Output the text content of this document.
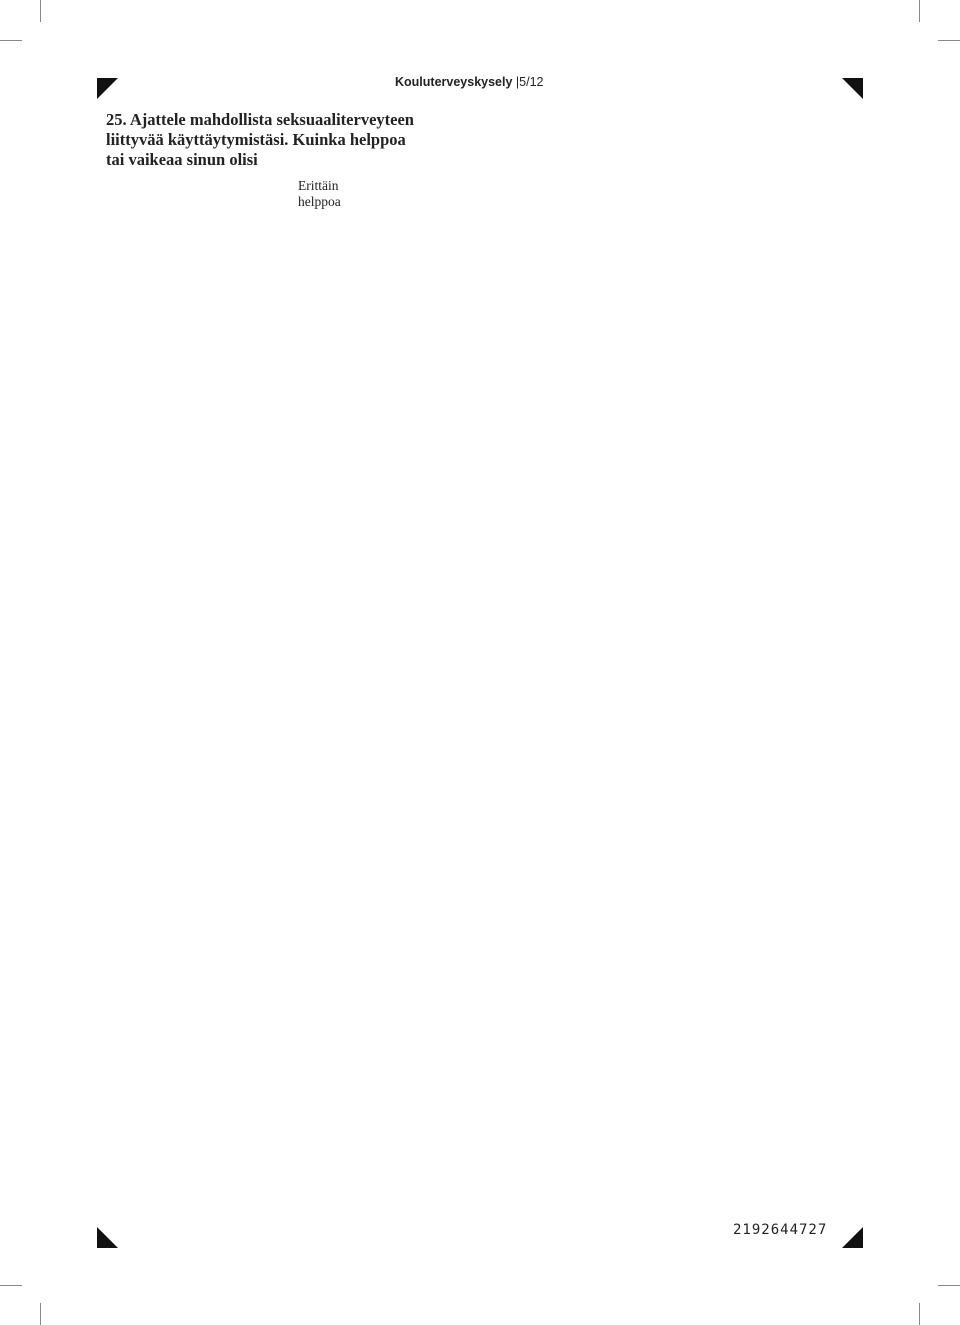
Kouluterveyskysely |5/12
2192644727
25. Ajattele mahdollista seksuaaliterveyteen
liittyvää käyttäytymistäsi. Kuinka helppoa
tai vaikeaa sinun olisi
Erittäin
helppoa
